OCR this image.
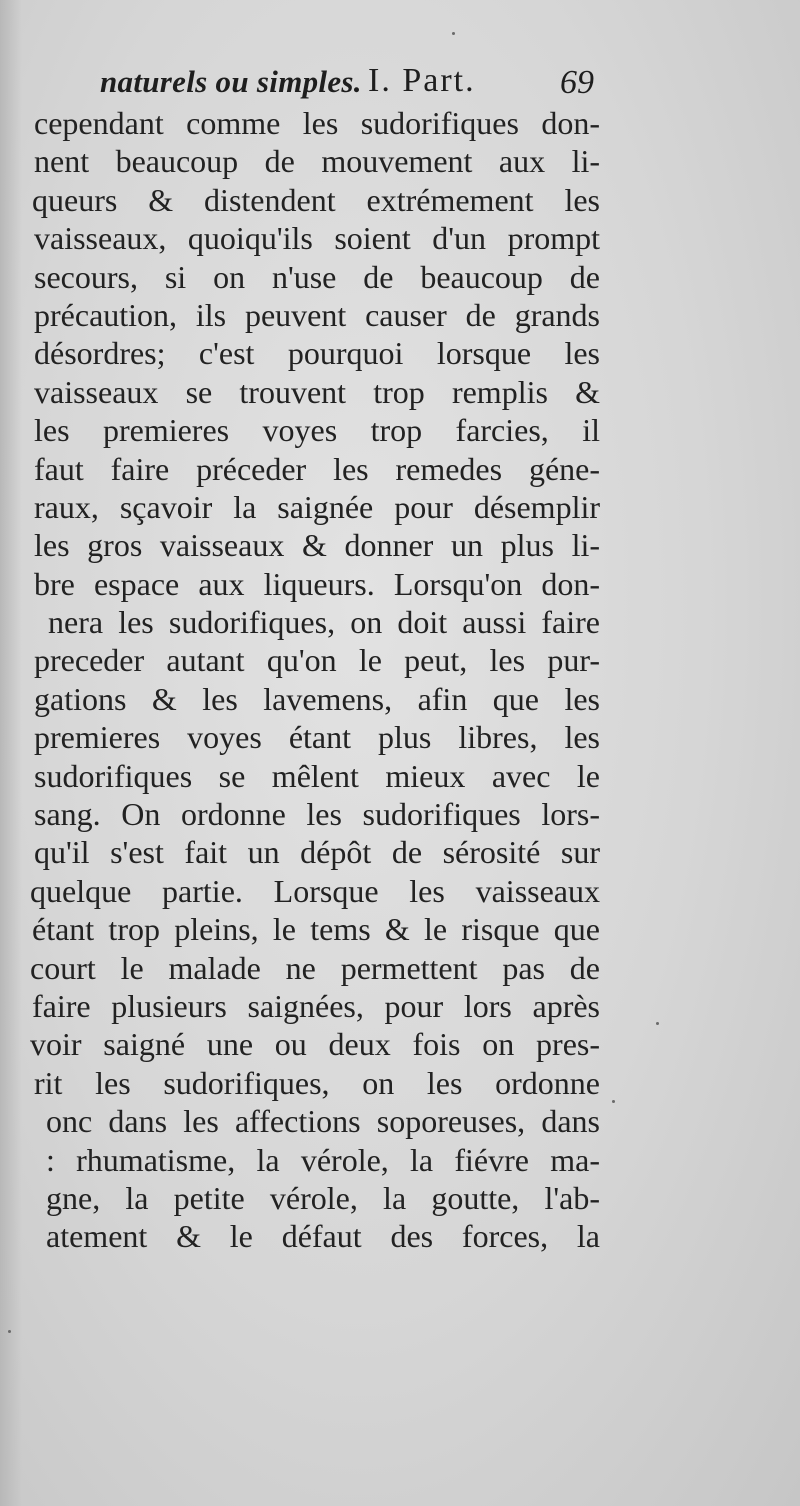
naturels ou simples. I. Part. 69
cependant comme les sudorifiques don-
nent beaucoup de mouvement aux li-
queurs & distendent extrémement les
vaisseaux, quoiqu'ils soient d'un prompt
secours, si on n'use de beaucoup de
précaution, ils peuvent causer de grands
désordres; c'est pourquoi lorsque les
vaisseaux se trouvent trop remplis &
les premieres voyes trop farcies, il
faut faire préceder les remedes géne-
raux, sçavoir la saignée pour désemplir
les gros vaisseaux & donner un plus li-
bre espace aux liqueurs. Lorsqu'on don-
nera les sudorifiques, on doit aussi faire
preceder autant qu'on le peut, les pur-
gations & les lavemens, afin que les
premieres voyes étant plus libres, les
sudorifiques se mêlent mieux avec le
sang. On ordonne les sudorifiques lors-
qu'il s'est fait un dépôt de sérosité sur
quelque partie. Lorsque les vaisseaux
étant trop pleins, le tems & le risque que
court le malade ne permettent pas de
faire plusieurs saignées, pour lors après
voir saigné une ou deux fois on pres-
rit les sudorifiques, on les ordonne
onc dans les affections soporeuses, dans
: rhumatisme, la vérole, la fiévre ma-
gne, la petite vérole, la goutte, l'ab-
atement & le défaut des forces, la
